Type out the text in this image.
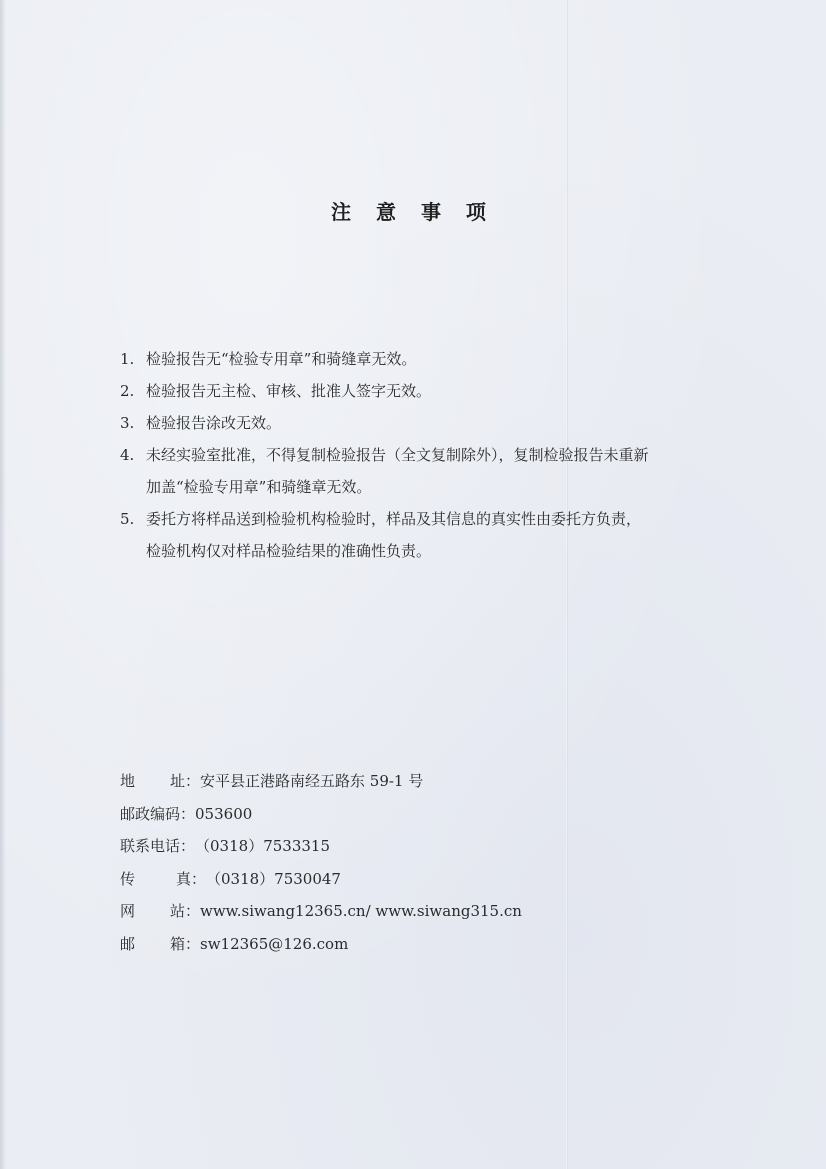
注 意 事 项
1. 检验报告无“检验专用章”和骑缝章无效。
2. 检验报告无主检、审核、批准人签字无效。
3. 检验报告涂改无效。
4. 未经实验室批准，不得复制检验报告（全文复制除外），复制检验报告未重新
加盖“检验专用章”和骑缝章无效。
5. 委托方将样品送到检验机构检验时，样品及其信息的真实性由委托方负责，
检验机构仅对样品检验结果的准确性负责。
地 址： 安平县正港路南经五路东 59-1 号
邮政编码： 053600
联系电话： （0318）7533315
传	真： （0318）7530047
网 站： www.siwang12365.cn/ www.siwang315.cn
邮 箱： sw12365@126.com
